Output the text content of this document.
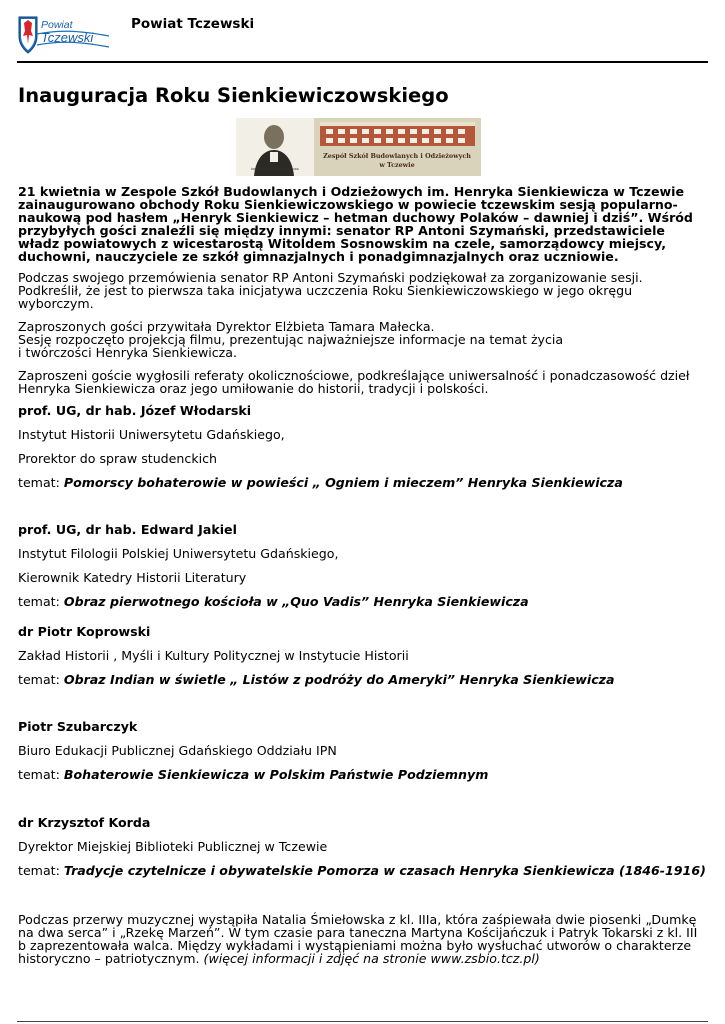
Powiat
Tczewski
Powiat Tczewski
Inauguracja Roku Sienkiewiczowskiego
im. Henryka Sienkiewicza
Zespół Szkół Budowlanych i Odzieżowych
w Tczewie

21 kwietnia w Zespole Szkół Budowlanych i Odzieżowych im. Henryka Sienkiewicza w Tczewie zainaugurowano obchody Roku Sienkiewiczowskiego w powiecie tczewskim sesją popularno-naukową pod hasłem „Henryk Sienkiewicz – hetman duchowy Polaków – dawniej i dziś”. Wśród przybyłych gości znaleźli się między innymi: senator RP Antoni Szymański, przedstawiciele władz powiatowych z wicestarostą Witoldem Sosnowskim na czele, samorządowcy miejscy, duchowni, nauczyciele ze szkół gimnazjalnych i ponadgimnazjalnych oraz uczniowie.

Podczas swojego przemówienia senator RP Antoni Szymański podziękował za zorganizowanie sesji. Podkreślił, że jest to pierwsza taka inicjatywa uczczenia Roku Sienkiewiczowskiego w jego okręgu wyborczym.

Zaproszonych gości przywitała Dyrektor Elżbieta Tamara Małecka.

Sesję rozpoczęto projekcją filmu, prezentując najważniejsze informacje na temat życia

i twórczości Henryka Sienkiewicza.

Zaproszeni goście wygłosili referaty okolicznościowe, podkreślające uniwersalność i ponadczasowość dzieł Henryka Sienkiewicza oraz jego umiłowanie do historii, tradycji i polskości.

prof. UG, dr hab. Józef Włodarski

Instytut Historii Uniwersytetu Gdańskiego,

Prorektor do spraw studenckich

temat: Pomorscy bohaterowie w powieści „ Ogniem i mieczem” Henryka Sienkiewicza

prof. UG, dr hab. Edward Jakiel

Instytut Filologii Polskiej Uniwersytetu Gdańskiego,

Kierownik Katedry Historii Literatury

temat: Obraz pierwotnego kościoła w „Quo Vadis” Henryka Sienkiewicza

dr Piotr Koprowski

Zakład Historii , Myśli i Kultury Politycznej w Instytucie Historii

temat: Obraz Indian w świetle „ Listów z podróży do Ameryki” Henryka Sienkiewicza

Piotr Szubarczyk

Biuro Edukacji Publicznej Gdańskiego Oddziału IPN

temat: Bohaterowie Sienkiewicza w Polskim Państwie Podziemnym

dr Krzysztof Korda

Dyrektor Miejskiej Biblioteki Publicznej w Tczewie

temat: Tradycje czytelnicze i obywatelskie Pomorza w czasach Henryka Sienkiewicza (1846-1916)

Podczas przerwy muzycznej wystąpiła Natalia Śmiełowska z kl. IIIa, która zaśpiewała dwie piosenki „Dumkę na dwa serca” i „Rzekę Marzeń”. W tym czasie para taneczna Martyna Kościjańczuk i Patryk Tokarski z kl. III b zaprezentowała walca. Między wykładami i wystąpieniami można było wysłuchać utworów o charakterze historyczno – patriotycznym. (więcej informacji i zdjęć na stronie www.zsbio.tcz.pl)
